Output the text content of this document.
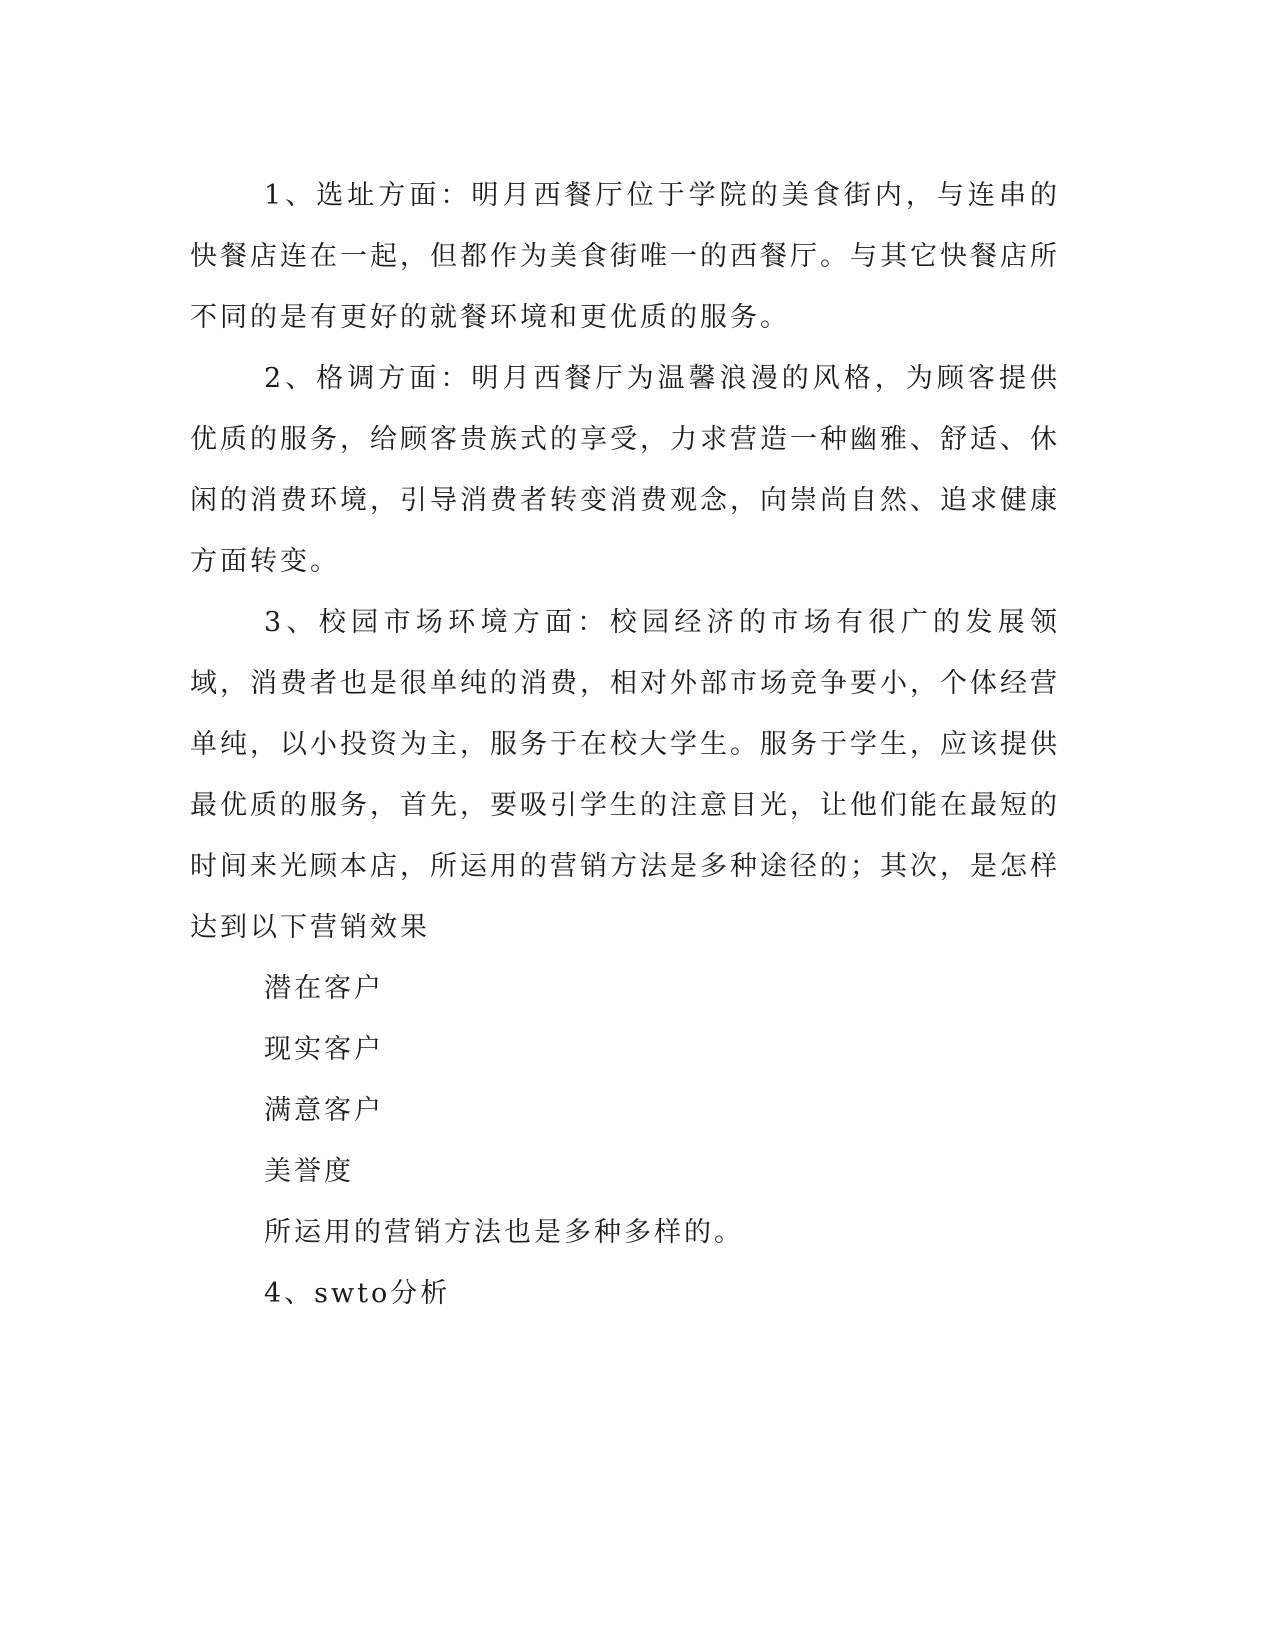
1、选址方面：明月西餐厅位于学院的美食街内，与连串的快餐店连在一起，但都作为美食街唯一的西餐厅。与其它快餐店所不同的是有更好的就餐环境和更优质的服务。

2、格调方面：明月西餐厅为温馨浪漫的风格，为顾客提供优质的服务，给顾客贵族式的享受，力求营造一种幽雅、舒适、休闲的消费环境，引导消费者转变消费观念，向崇尚自然、追求健康方面转变。

3、校园市场环境方面：校园经济的市场有很广的发展领域，消费者也是很单纯的消费，相对外部市场竞争要小，个体经营单纯，以小投资为主，服务于在校大学生。服务于学生，应该提供最优质的服务，首先，要吸引学生的注意目光，让他们能在最短的时间来光顾本店，所运用的营销方法是多种途径的；其次，是怎样达到以下营销效果

潜在客户

现实客户

满意客户

美誉度

所运用的营销方法也是多种多样的。

4、swto分析
